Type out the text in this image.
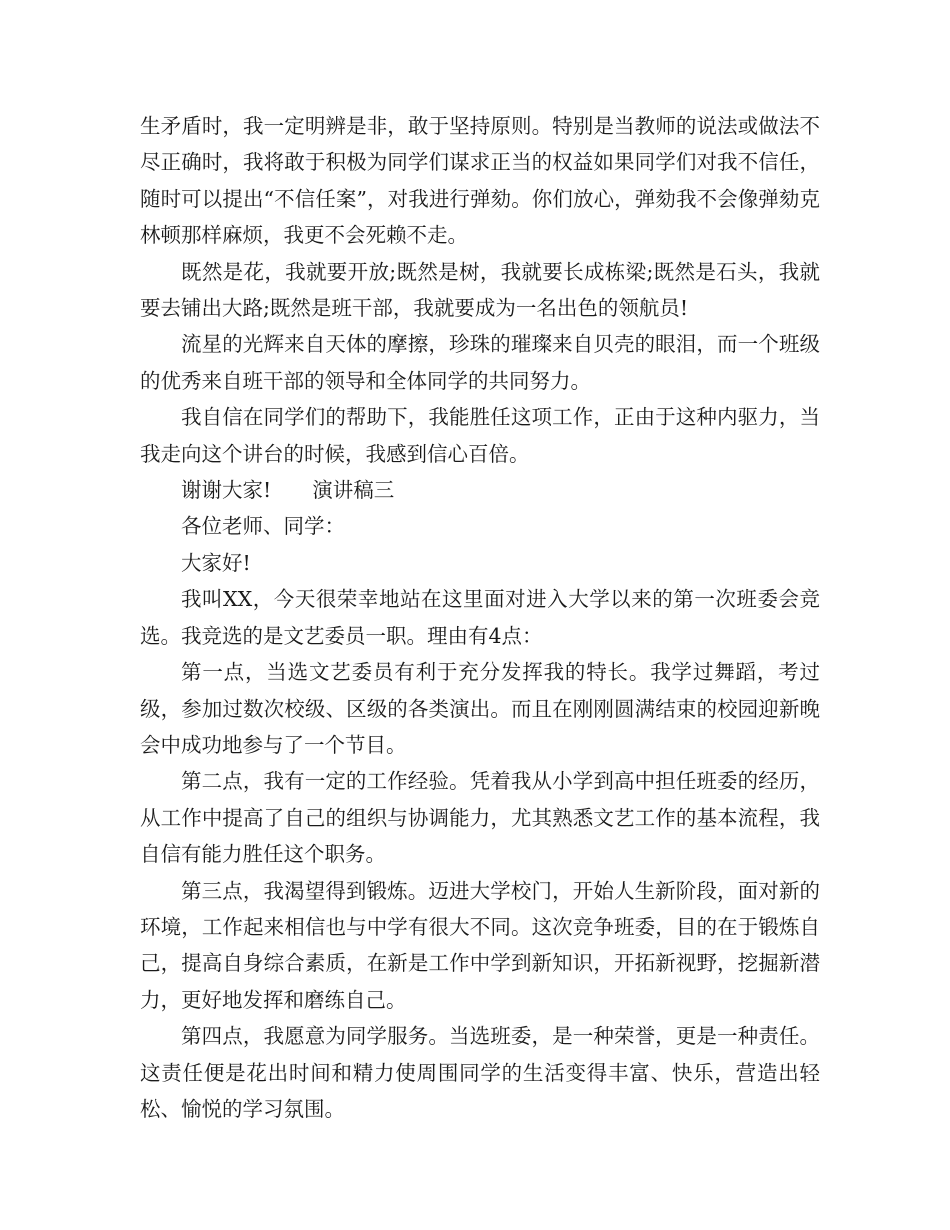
生矛盾时，我一定明辨是非，敢于坚持原则。特别是当教师的说法或做法不尽正确时，我将敢于积极为同学们谋求正当的权益如果同学们对我不信任，随时可以提出“不信任案”，对我进行弹劾。你们放心，弹劾我不会像弹劾克林顿那样麻烦，我更不会死赖不走。

既然是花，我就要开放;既然是树，我就要长成栋梁;既然是石头，我就要去铺出大路;既然是班干部，我就要成为一名出色的领航员!

流星的光辉来自天体的摩擦，珍珠的璀璨来自贝壳的眼泪，而一个班级的优秀来自班干部的领导和全体同学的共同努力。

我自信在同学们的帮助下，我能胜任这项工作，正由于这种内驱力，当我走向这个讲台的时候，我感到信心百倍。

谢谢大家!　　演讲稿三

各位老师、同学：

大家好!

我叫XX，今天很荣幸地站在这里面对进入大学以来的第一次班委会竞选。我竞选的是文艺委员一职。理由有4点：

第一点，当选文艺委员有利于充分发挥我的特长。我学过舞蹈，考过级，参加过数次校级、区级的各类演出。而且在刚刚圆满结束的校园迎新晚会中成功地参与了一个节目。

第二点，我有一定的工作经验。凭着我从小学到高中担任班委的经历，从工作中提高了自己的组织与协调能力，尤其熟悉文艺工作的基本流程，我自信有能力胜任这个职务。

第三点，我渴望得到锻炼。迈进大学校门，开始人生新阶段，面对新的环境，工作起来相信也与中学有很大不同。这次竞争班委，目的在于锻炼自己，提高自身综合素质，在新是工作中学到新知识，开拓新视野，挖掘新潜力，更好地发挥和磨练自己。

第四点，我愿意为同学服务。当选班委，是一种荣誉，更是一种责任。这责任便是花出时间和精力使周围同学的生活变得丰富、快乐，营造出轻松、愉悦的学习氛围。
